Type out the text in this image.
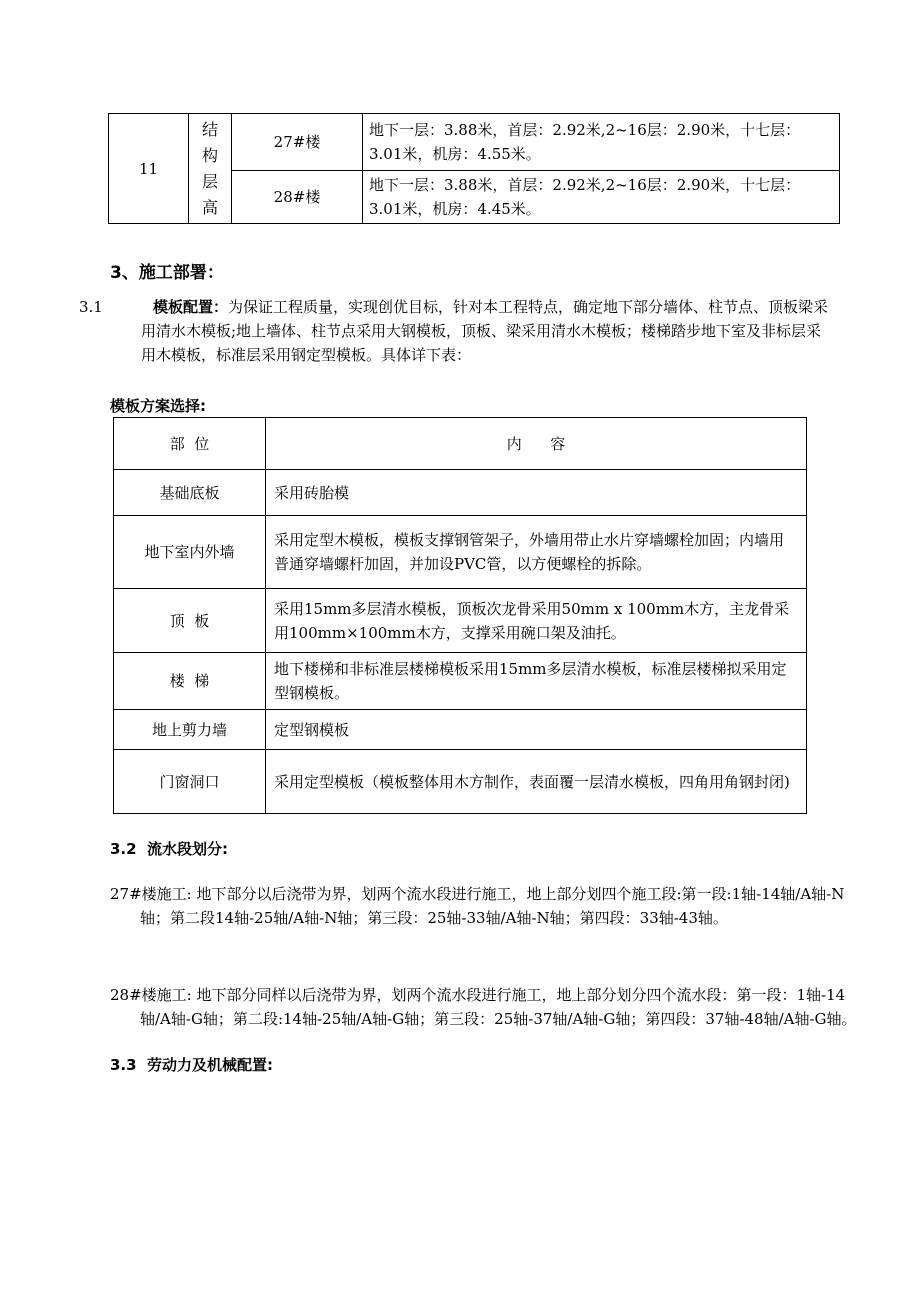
11	结
构
层
高	27#楼	地下一层：3.88米，首层：2.92米,2~16层：2.90米，十七层：3.01米，机房：4.55米。
		28#楼	地下一层：3.88米，首层：2.92米,2~16层：2.90米，十七层：3.01米，机房：4.45米。
3、施工部署：
3.1	模板配置：为保证工程质量，实现创优目标，针对本工程特点，确定地下部分墙体、柱节点、顶板梁采用清水木模板;地上墙体、柱节点采用大钢模板，顶板、梁采用清水木模板；楼梯踏步地下室及非标层采用木模板，标准层采用钢定型模板。具体详下表：
模板方案选择:
部  位	内      容
基础底板	采用砖胎模
地下室内外墙	采用定型木模板，模板支撑钢管架子，外墙用带止水片穿墙螺栓加固；内墙用普通穿墙螺杆加固，并加设PVC管，以方便螺栓的拆除。
顶  板	采用15mm多层清水模板，顶板次龙骨采用50mm x 100mm木方，主龙骨采用100mm×100mm木方，支撑采用碗口架及油托。
楼  梯	地下楼梯和非标准层楼梯模板采用15mm多层清水模板，标准层楼梯拟采用定型钢模板。
地上剪力墙	定型钢模板
门窗洞口	采用定型模板（模板整体用木方制作，表面覆一层清水模板，四角用角钢封闭)
3.2  流水段划分:
27#楼施工: 地下部分以后浇带为界，划两个流水段进行施工，地上部分划四个施工段:第一段:1轴-14轴/A轴-N轴；第二段14轴-25轴/A轴-N轴；第三段：25轴-33轴/A轴-N轴；第四段：33轴-43轴。
28#楼施工: 地下部分同样以后浇带为界，划两个流水段进行施工，地上部分划分四个流水段：第一段：1轴-14轴/A轴-G轴；第二段:14轴-25轴/A轴-G轴；第三段：25轴-37轴/A轴-G轴；第四段：37轴-48轴/A轴-G轴。
3.3  劳动力及机械配置:
